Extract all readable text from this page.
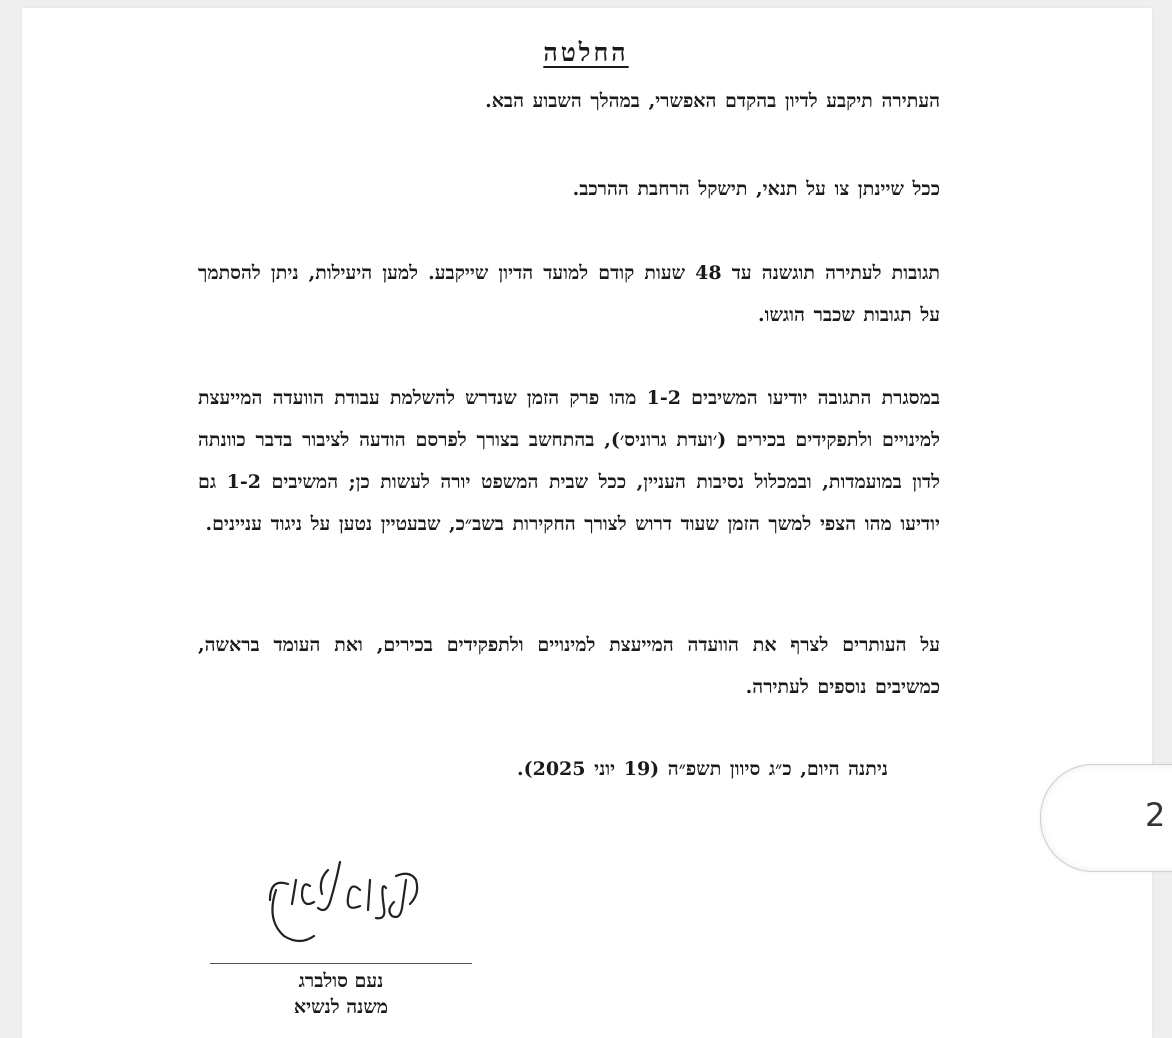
החלטה
העתירה תיקבע לדיון בהקדם האפשרי, במהלך השבוע הבא.
ככל שיינתן צו על תנאי, תישקל הרחבת ההרכב.
תגובות לעתירה תוגשנה עד 48 שעות קודם למועד הדיון שייקבע. למען היעילות, ניתן להסתמך על תגובות שכבר הוגשו.
במסגרת התגובה יודיעו המשיבים 1-2 מהו פרק הזמן שנדרש להשלמת עבודת הוועדה המייעצת למינויים ולתפקידים בכירים (׳ועדת גרוניס׳), בהתחשב בצורך לפרסם הודעה לציבור בדבר כוונתה לדון במועמדות, ובמכלול נסיבות העניין, ככל שבית המשפט יורה לעשות כן; המשיבים 1-2 גם יודיעו מהו הצפי למשך הזמן שעוד דרוש לצורך החקירות בשב״כ, שבעטיין נטען על ניגוד עניינים.
על העותרים לצרף את הוועדה המייעצת למינויים ולתפקידים בכירים, ואת העומד בראשה, כמשיבים נוספים לעתירה.
ניתנה היום, כ״ג סיוון תשפ״ה (19 יוני 2025).
נעם סולברג
משנה לנשיא
2
